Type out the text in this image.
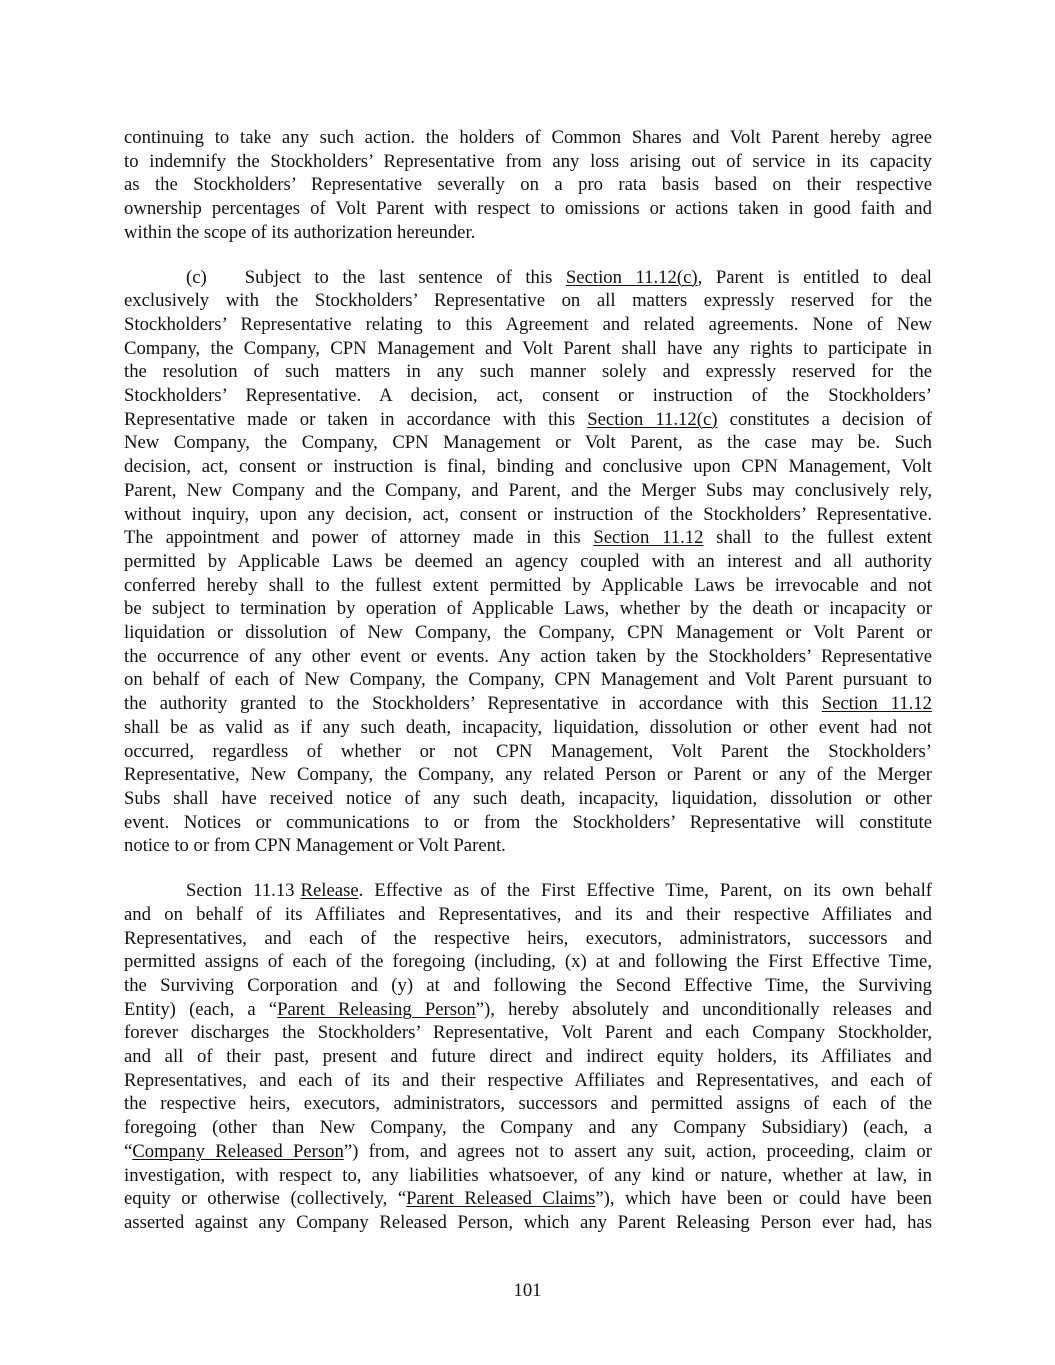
continuing to take any such action. the holders of Common Shares and Volt Parent hereby agree
to indemnify the Stockholders’ Representative from any loss arising out of service in its capacity
as the Stockholders’ Representative severally on a pro rata basis based on their respective
ownership percentages of Volt Parent with respect to omissions or actions taken in good faith and
within the scope of its authorization hereunder.

(c) Subject to the last sentence of this Section 11.12(c), Parent is entitled to deal
exclusively with the Stockholders’ Representative on all matters expressly reserved for the
Stockholders’ Representative relating to this Agreement and related agreements. None of New
Company, the Company, CPN Management and Volt Parent shall have any rights to participate in
the resolution of such matters in any such manner solely and expressly reserved for the
Stockholders’ Representative. A decision, act, consent or instruction of the Stockholders’
Representative made or taken in accordance with this Section 11.12(c) constitutes a decision of
New Company, the Company, CPN Management or Volt Parent, as the case may be. Such
decision, act, consent or instruction is final, binding and conclusive upon CPN Management, Volt
Parent, New Company and the Company, and Parent, and the Merger Subs may conclusively rely,
without inquiry, upon any decision, act, consent or instruction of the Stockholders’ Representative.
The appointment and power of attorney made in this Section 11.12 shall to the fullest extent
permitted by Applicable Laws be deemed an agency coupled with an interest and all authority
conferred hereby shall to the fullest extent permitted by Applicable Laws be irrevocable and not
be subject to termination by operation of Applicable Laws, whether by the death or incapacity or
liquidation or dissolution of New Company, the Company, CPN Management or Volt Parent or
the occurrence of any other event or events. Any action taken by the Stockholders’ Representative
on behalf of each of New Company, the Company, CPN Management and Volt Parent pursuant to
the authority granted to the Stockholders’ Representative in accordance with this Section 11.12
shall be as valid as if any such death, incapacity, liquidation, dissolution or other event had not
occurred, regardless of whether or not CPN Management, Volt Parent the Stockholders’
Representative, New Company, the Company, any related Person or Parent or any of the Merger
Subs shall have received notice of any such death, incapacity, liquidation, dissolution or other
event. Notices or communications to or from the Stockholders’ Representative will constitute
notice to or from CPN Management or Volt Parent.

Section 11.13 Release. Effective as of the First Effective Time, Parent, on its own behalf
and on behalf of its Affiliates and Representatives, and its and their respective Affiliates and
Representatives, and each of the respective heirs, executors, administrators, successors and
permitted assigns of each of the foregoing (including, (x) at and following the First Effective Time,
the Surviving Corporation and (y) at and following the Second Effective Time, the Surviving
Entity) (each, a “Parent Releasing Person”), hereby absolutely and unconditionally releases and
forever discharges the Stockholders’ Representative, Volt Parent and each Company Stockholder,
and all of their past, present and future direct and indirect equity holders, its Affiliates and
Representatives, and each of its and their respective Affiliates and Representatives, and each of
the respective heirs, executors, administrators, successors and permitted assigns of each of the
foregoing (other than New Company, the Company and any Company Subsidiary) (each, a
“Company Released Person”) from, and agrees not to assert any suit, action, proceeding, claim or
investigation, with respect to, any liabilities whatsoever, of any kind or nature, whether at law, in
equity or otherwise (collectively, “Parent Released Claims”), which have been or could have been
asserted against any Company Released Person, which any Parent Releasing Person ever had, has

101
